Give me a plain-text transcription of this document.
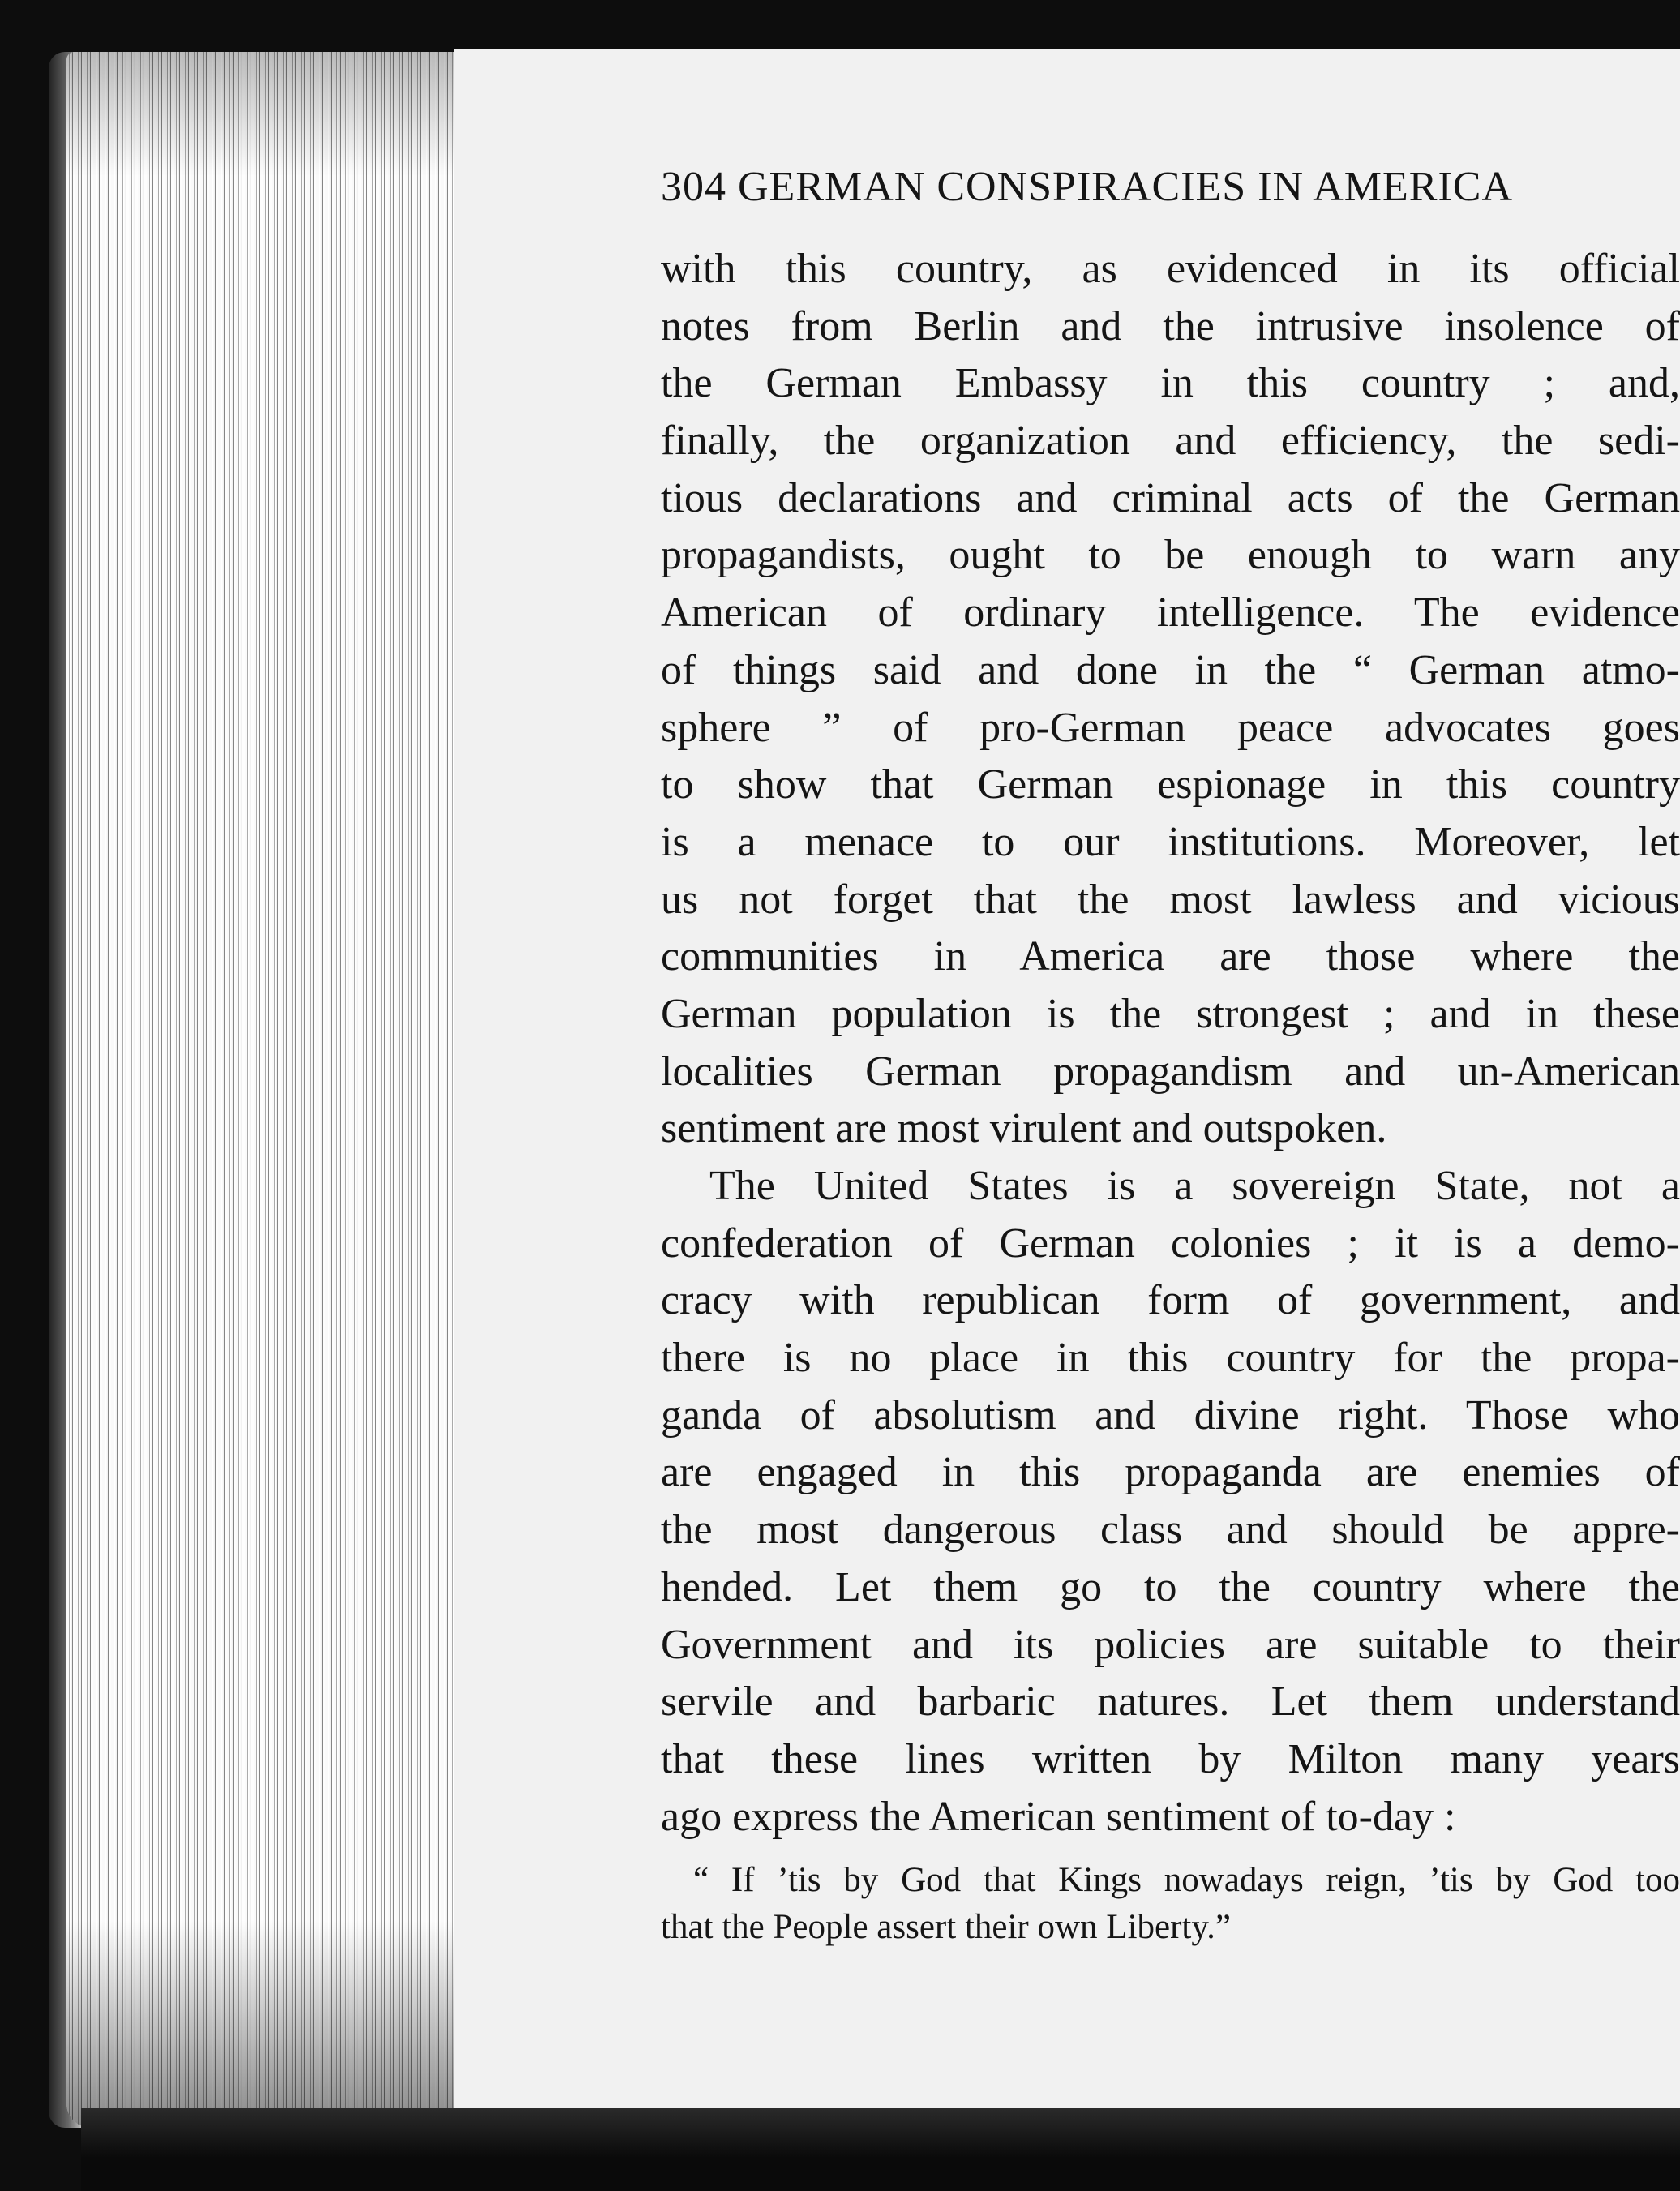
304 GERMAN CONSPIRACIES IN AMERICA
with this country, as evidenced in its official
notes from Berlin and the intrusive insolence of
the German Embassy in this country ; and,
finally, the organization and efficiency, the sedi-
tious declarations and criminal acts of the German
propagandists, ought to be enough to warn any
American of ordinary intelligence. The evidence
of things said and done in the “ German atmo-
sphere ” of pro-German peace advocates goes
to show that German espionage in this country
is a menace to our institutions. Moreover, let
us not forget that the most lawless and vicious
communities in America are those where the
German population is the strongest ; and in these
localities German propagandism and un-American
sentiment are most virulent and outspoken.
The United States is a sovereign State, not a
confederation of German colonies ; it is a demo-
cracy with republican form of government, and
there is no place in this country for the propa-
ganda of absolutism and divine right. Those who
are engaged in this propaganda are enemies of
the most dangerous class and should be appre-
hended. Let them go to the country where the
Government and its policies are suitable to their
servile and barbaric natures. Let them understand
that these lines written by Milton many years
ago express the American sentiment of to-day :
“ If ’tis by God that Kings nowadays reign, ’tis by God too
that the People assert their own Liberty.”
